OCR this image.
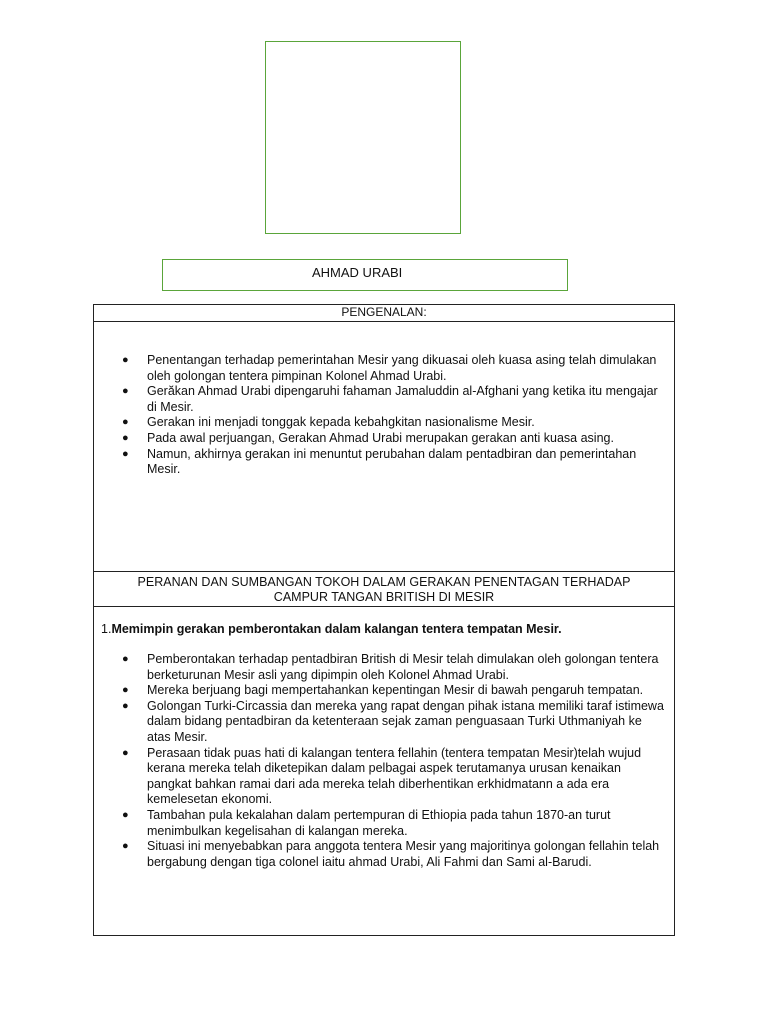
AHMAD URABI
PENGENALAN:
● Penentangan terhadap pemerintahan Mesir yang dikuasai oleh kuasa asing telah dimulakan oleh golongan tentera pimpinan Kolonel Ahmad Urabi.
● Gerăkan Ahmad Urabi dipengaruhi fahaman Jamaluddin al-Afghani yang ketika itu mengajar di Mesir.
● Gerakan ini menjadi tonggak kepada kebahgkitan nasionalisme Mesir.
● Pada awal perjuangan, Gerakan Ahmad Urabi merupakan gerakan anti kuasa asing.
● Namun, akhirnya gerakan ini menuntut perubahan dalam pentadbiran dan pemerintahan Mesir.
PERANAN DAN SUMBANGAN TOKOH DALAM GERAKAN PENENTAGAN TERHADAP
CAMPUR TANGAN BRITISH DI MESIR
1.Memimpin gerakan pemberontakan dalam kalangan tentera tempatan Mesir.
● Pemberontakan terhadap pentadbiran British di Mesir telah dimulakan oleh golongan tentera berketurunan Mesir asli yang dipimpin oleh Kolonel Ahmad Urabi.
● Mereka berjuang bagi mempertahankan kepentingan Mesir di bawah pengaruh tempatan.
● Golongan Turki-Circassia dan mereka yang rapat dengan pihak istana memiliki taraf istimewa dalam bidang pentadbiran da ketenteraan sejak zaman penguasaan Turki Uthmaniyah ke atas Mesir.
● Perasaan tidak puas hati di kalangan tentera fellahin (tentera tempatan Mesir)telah wujud kerana mereka telah diketepikan dalam pelbagai aspek terutamanya urusan kenaikan pangkat bahkan ramai dari ada mereka telah diberhentikan erkhidmatann a ada era kemelesetan ekonomi.
● Tambahan pula kekalahan dalam pertempuran di Ethiopia pada tahun 1870-an turut menimbulkan kegelisahan di kalangan mereka.
● Situasi ini menyebabkan para anggota tentera Mesir yang majoritinya golongan fellahin telah bergabung dengan tiga colonel iaitu ahmad Urabi, Ali Fahmi dan Sami al-Barudi.
